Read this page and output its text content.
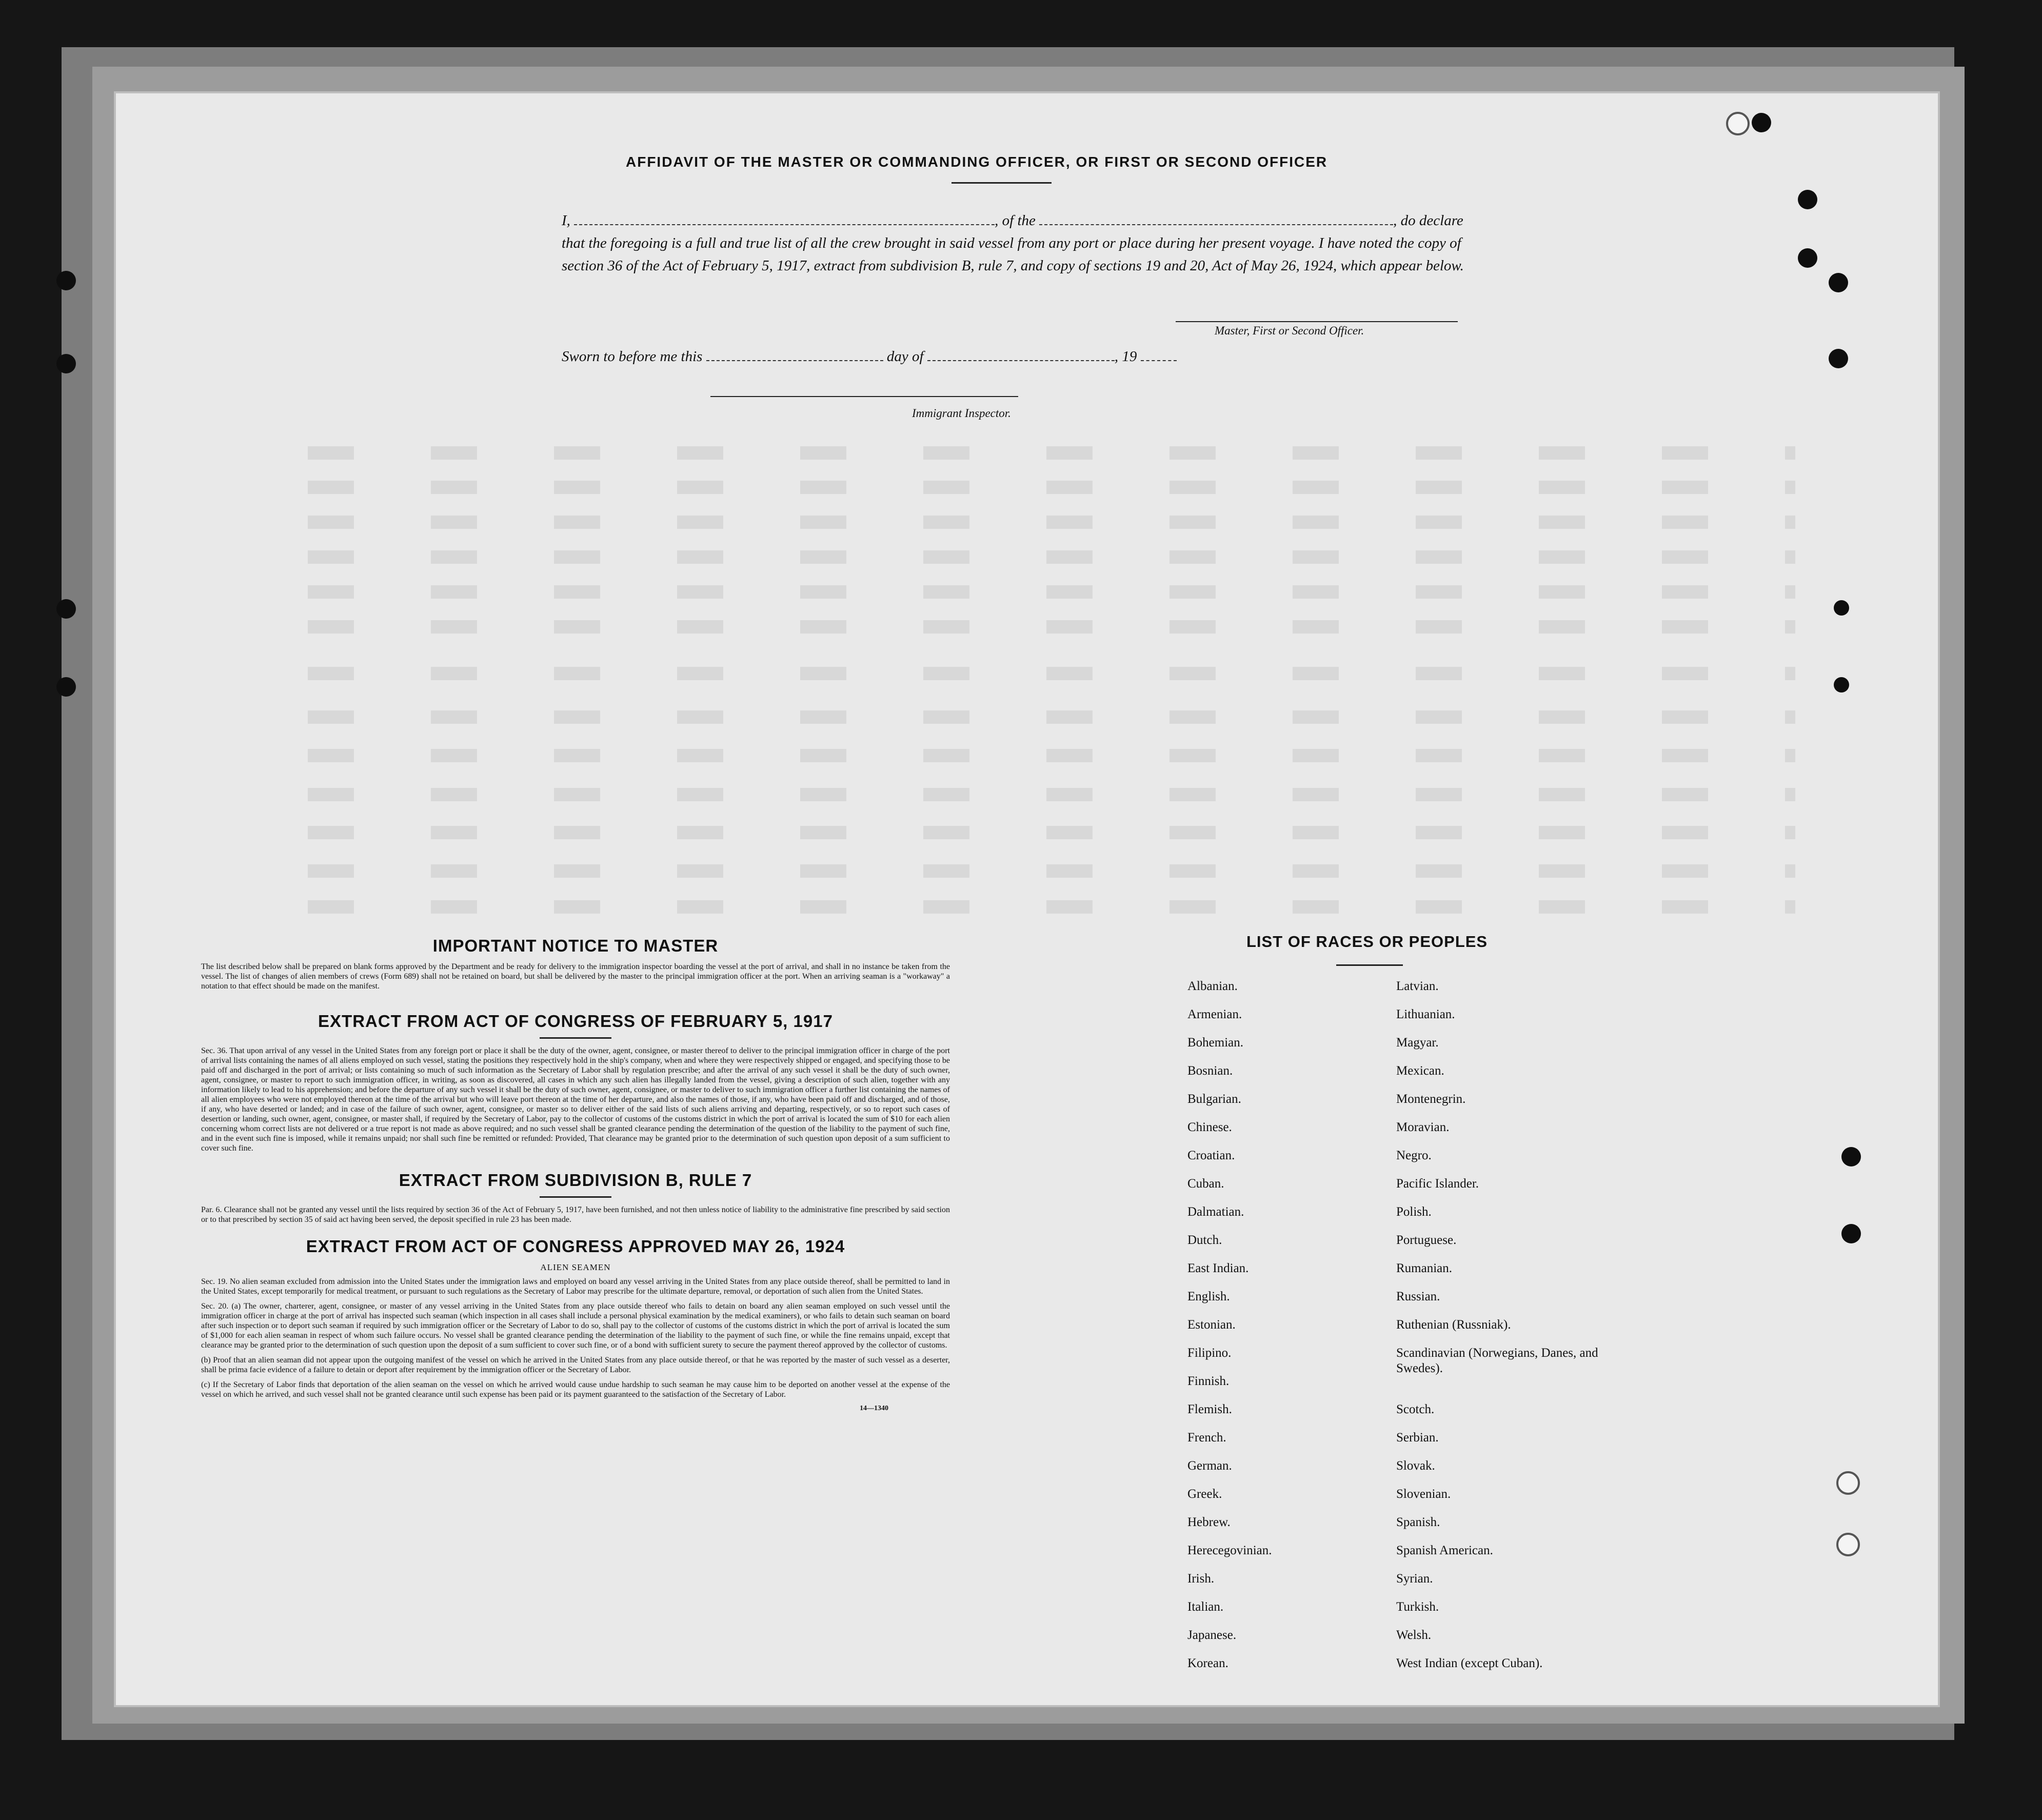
AFFIDAVIT OF THE MASTER OR COMMANDING OFFICER, OR FIRST OR SECOND OFFICER
I,	, of the	, do declare
that the foregoing is a full and true list of all the crew brought in said vessel from any port or place during her present voyage. I have noted the copy of section 36 of the Act of February 5, 1917, extract from subdivision B, rule 7, and copy of sections 19 and 20, Act of May 26, 1924, which appear below.
Master, First or Second Officer.
Sworn to before me this	day of	, 19
Immigrant Inspector.
IMPORTANT NOTICE TO MASTER

The list described below shall be prepared on blank forms approved by the Department and be ready for delivery to the immigration inspector boarding the vessel at the port of arrival, and shall in no instance be taken from the vessel. The list of changes of alien members of crews (Form 689) shall not be retained on board, but shall be delivered by the master to the principal immigration officer at the port. When an arriving seaman is a "workaway" a notation to that effect should be made on the manifest.

EXTRACT FROM ACT OF CONGRESS OF FEBRUARY 5, 1917

Sec. 36. That upon arrival of any vessel in the United States from any foreign port or place it shall be the duty of the owner, agent, consignee, or master thereof to deliver to the principal immigration officer in charge of the port of arrival lists containing the names of all aliens employed on such vessel, stating the positions they respectively hold in the ship's company, when and where they were respectively shipped or engaged, and specifying those to be paid off and discharged in the port of arrival; or lists containing so much of such information as the Secretary of Labor shall by regulation prescribe; and after the arrival of any such vessel it shall be the duty of such owner, agent, consignee, or master to report to such immigration officer, in writing, as soon as discovered, all cases in which any such alien has illegally landed from the vessel, giving a description of such alien, together with any information likely to lead to his apprehension; and before the departure of any such vessel it shall be the duty of such owner, agent, consignee, or master to deliver to such immigration officer a further list containing the names of all alien employees who were not employed thereon at the time of the arrival but who will leave port thereon at the time of her departure, and also the names of those, if any, who have been paid off and discharged, and of those, if any, who have deserted or landed; and in case of the failure of such owner, agent, consignee, or master so to deliver either of the said lists of such aliens arriving and departing, respectively, or so to report such cases of desertion or landing, such owner, agent, consignee, or master shall, if required by the Secretary of Labor, pay to the collector of customs of the customs district in which the port of arrival is located the sum of $10 for each alien concerning whom correct lists are not delivered or a true report is not made as above required; and no such vessel shall be granted clearance pending the determination of the question of the liability to the payment of such fine, and in the event such fine is imposed, while it remains unpaid; nor shall such fine be remitted or refunded: Provided, That clearance may be granted prior to the determination of such question upon deposit of a sum sufficient to cover such fine.

EXTRACT FROM SUBDIVISION B, RULE 7

Par. 6. Clearance shall not be granted any vessel until the lists required by section 36 of the Act of February 5, 1917, have been furnished, and not then unless notice of liability to the administrative fine prescribed by said section or to that prescribed by section 35 of said act having been served, the deposit specified in rule 23 has been made.

EXTRACT FROM ACT OF CONGRESS APPROVED MAY 26, 1924
ALIEN SEAMEN

Sec. 19. No alien seaman excluded from admission into the United States under the immigration laws and employed on board any vessel arriving in the United States from any place outside thereof, shall be permitted to land in the United States, except temporarily for medical treatment, or pursuant to such regulations as the Secretary of Labor may prescribe for the ultimate departure, removal, or deportation of such alien from the United States.

Sec. 20. (a) The owner, charterer, agent, consignee, or master of any vessel arriving in the United States from any place outside thereof who fails to detain on board any alien seaman employed on such vessel until the immigration officer in charge at the port of arrival has inspected such seaman (which inspection in all cases shall include a personal physical examination by the medical examiners), or who fails to detain such seaman on board after such inspection or to deport such seaman if required by such immigration officer or the Secretary of Labor to do so, shall pay to the collector of customs of the customs district in which the port of arrival is located the sum of $1,000 for each alien seaman in respect of whom such failure occurs. No vessel shall be granted clearance pending the determination of the liability to the payment of such fine, or while the fine remains unpaid, except that clearance may be granted prior to the determination of such question upon the deposit of a sum sufficient to cover such fine, or of a bond with sufficient surety to secure the payment thereof approved by the collector of customs.

(b) Proof that an alien seaman did not appear upon the outgoing manifest of the vessel on which he arrived in the United States from any place outside thereof, or that he was reported by the master of such vessel as a deserter, shall be prima facie evidence of a failure to detain or deport after requirement by the immigration officer or the Secretary of Labor.

(c) If the Secretary of Labor finds that deportation of the alien seaman on the vessel on which he arrived would cause undue hardship to such seaman he may cause him to be deported on another vessel at the expense of the vessel on which he arrived, and such vessel shall not be granted clearance until such expense has been paid or its payment guaranteed to the satisfaction of the Secretary of Labor.

14—1340
LIST OF RACES OR PEOPLES
Albanian.
Armenian.
Bohemian.
Bosnian.
Bulgarian.
Chinese.
Croatian.
Cuban.
Dalmatian.
Dutch.
East Indian.
English.
Estonian.
Filipino.
Finnish.
Flemish.
French.
German.
Greek.
Hebrew.
Herecegovinian.
Irish.
Italian.
Japanese.
Korean.
Latvian.
Lithuanian.
Magyar.
Mexican.
Montenegrin.
Moravian.
Negro.
Pacific Islander.
Polish.
Portuguese.
Rumanian.
Russian.
Ruthenian (Russniak).
Scandinavian (Norwegians, Danes, and Swedes).
Scotch.
Serbian.
Slovak.
Slovenian.
Spanish.
Spanish American.
Syrian.
Turkish.
Welsh.
West Indian (except Cuban).
